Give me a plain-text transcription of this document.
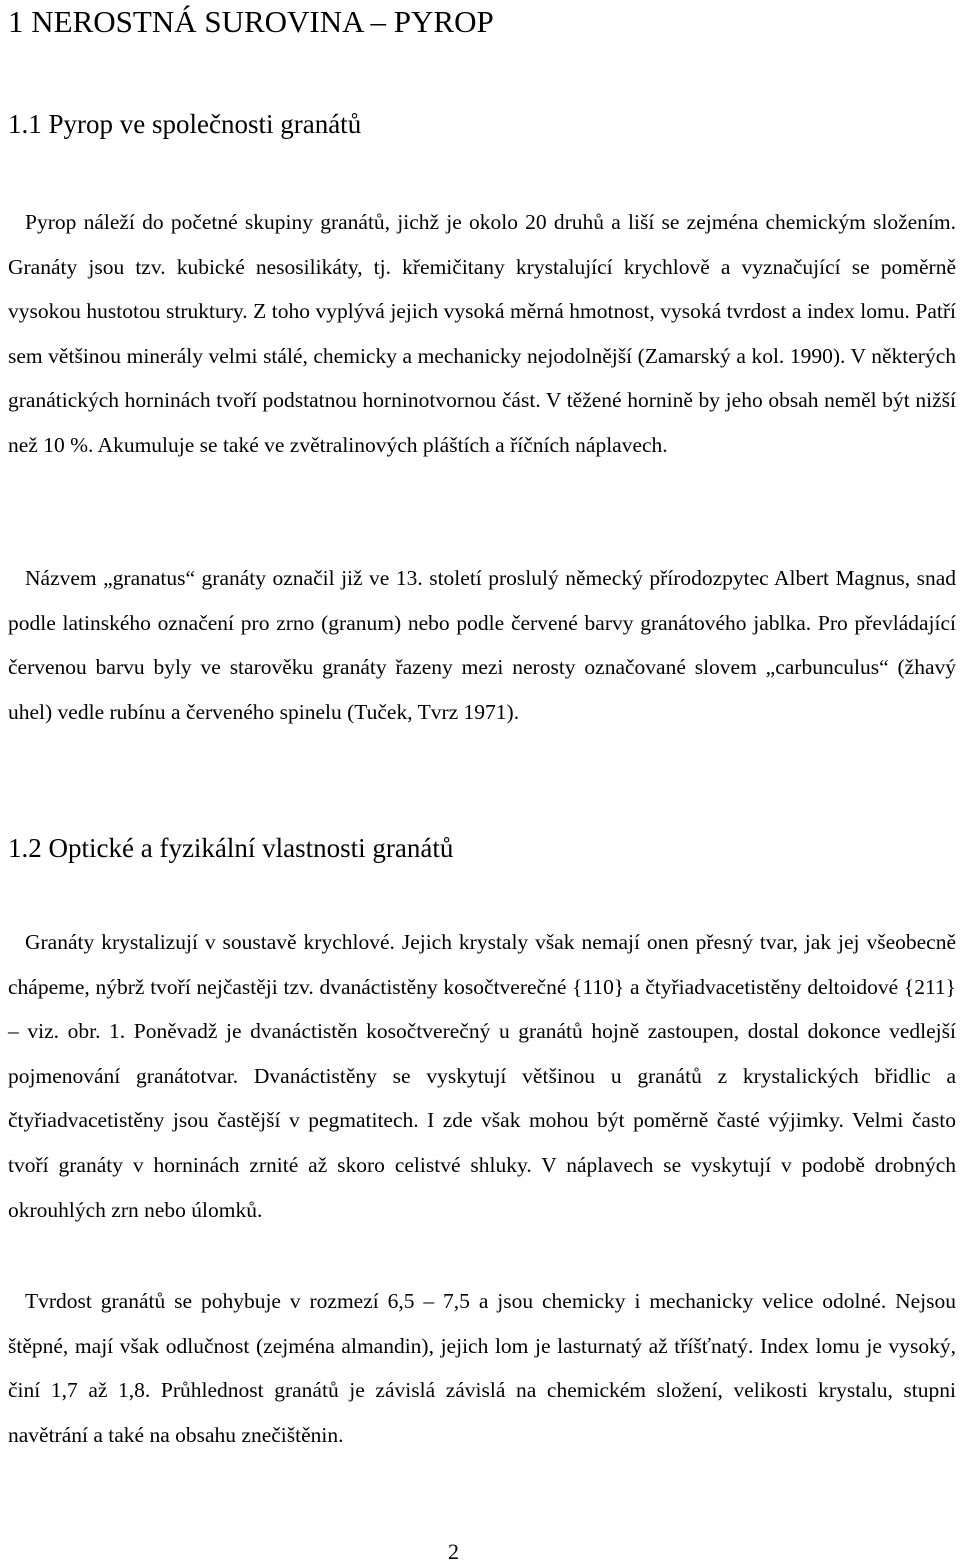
1 NEROSTNÁ SUROVINA – PYROP
1.1 Pyrop ve společnosti granátů

Pyrop náleží do početné skupiny granátů, jichž je okolo 20 druhů a liší se zejména chemickým složením. Granáty jsou tzv. kubické nesosilikáty, tj. křemičitany krystalující krychlově a vyznačující se poměrně vysokou hustotou struktury. Z toho vyplývá jejich vysoká měrná hmotnost, vysoká tvrdost a index lomu. Patří sem většinou minerály velmi stálé, chemicky a mechanicky nejodolnější (Zamarský a kol. 1990). V některých granátických horninách tvoří podstatnou horninotvornou část. V těžené hornině by jeho obsah neměl být nižší než 10 %. Akumuluje se také ve zvětralinových pláštích a říčních náplavech.

Názvem „granatus“ granáty označil již ve 13. století proslulý německý přírodozpytec Albert Magnus, snad podle latinského označení pro zrno (granum) nebo podle červené barvy granátového jablka. Pro převládající červenou barvu byly ve starověku granáty řazeny mezi nerosty označované slovem „carbunculus“ (žhavý uhel) vedle rubínu a červeného spinelu (Tuček, Tvrz 1971).

1.2 Optické a fyzikální vlastnosti granátů

Granáty krystalizují v soustavě krychlové. Jejich krystaly však nemají onen přesný tvar, jak jej všeobecně chápeme, nýbrž tvoří nejčastěji tzv. dvanáctistěny kosočtverečné {110} a čtyřiadvacetistěny deltoidové {211} – viz. obr. 1. Poněvadž je dvanáctistěn kosočtverečný u granátů hojně zastoupen, dostal dokonce vedlejší pojmenování granátotvar. Dvanáctistěny se vyskytují většinou u granátů z krystalických břidlic a čtyřiadvacetistěny jsou častější v pegmatitech. I zde však mohou být poměrně časté výjimky. Velmi často tvoří granáty v horninách zrnité až skoro celistvé shluky. V náplavech se vyskytují v podobě drobných okrouhlých zrn nebo úlomků.

Tvrdost granátů se pohybuje v rozmezí 6,5 – 7,5 a jsou chemicky i mechanicky velice odolné. Nejsou štěpné, mají však odlučnost (zejména almandin), jejich lom je lasturnatý až tříšťnatý. Index lomu je vysoký, činí 1,7 až 1,8. Průhlednost granátů je závislá závislá na chemickém složení, velikosti krystalu, stupni navětrání a také na obsahu znečištěnin.

2
